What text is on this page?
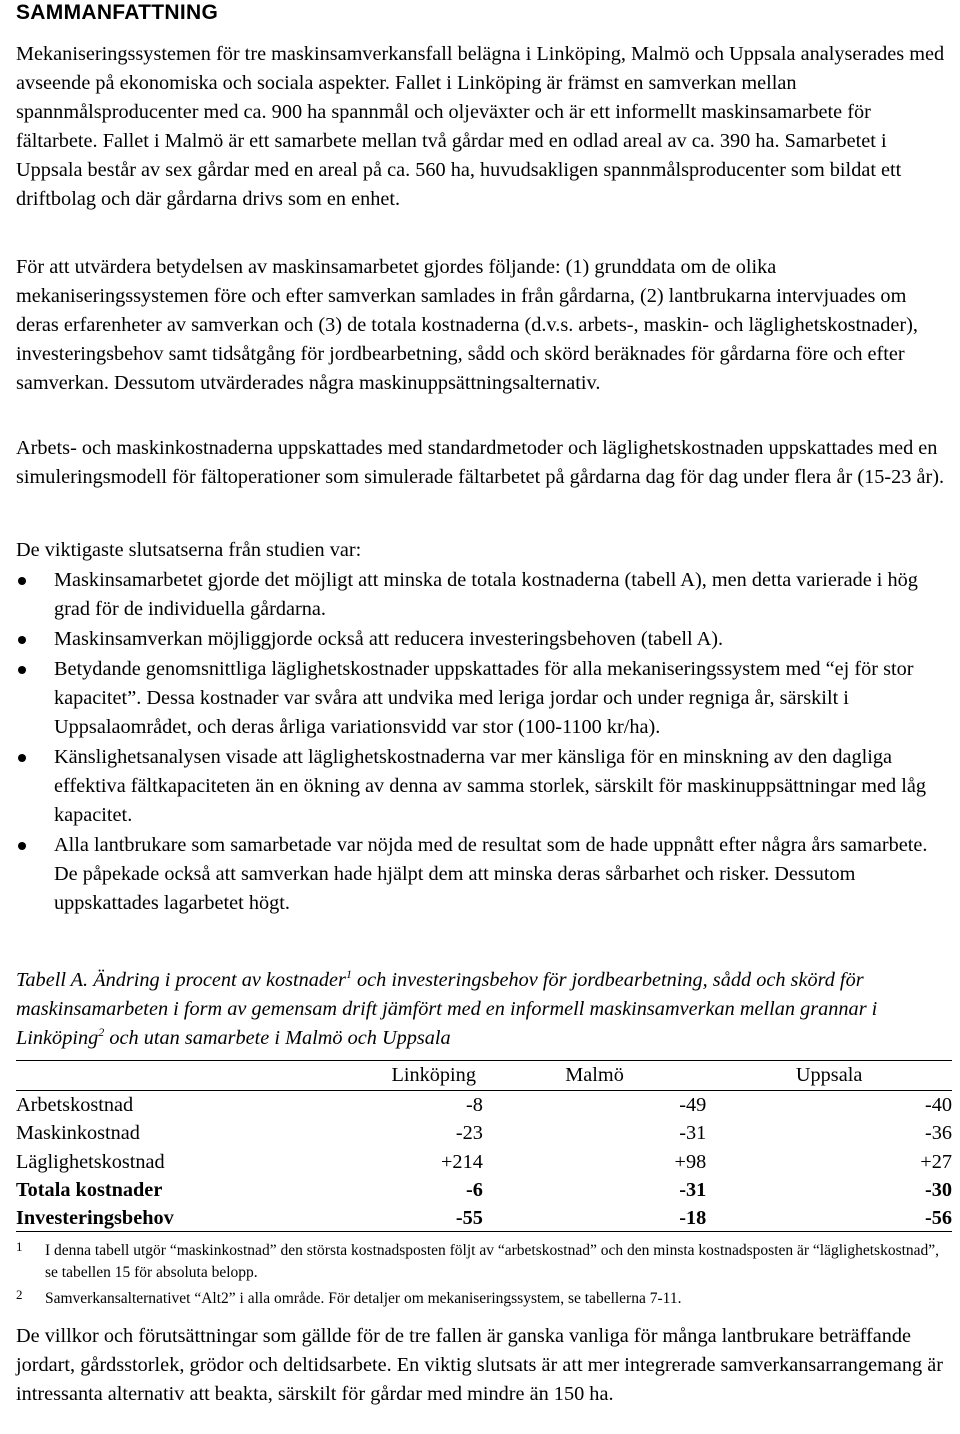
SAMMANFATTNING

Mekaniseringssystemen för tre maskinsamverkansfall belägna i Linköping, Malmö och Uppsala analyserades med avseende på ekonomiska och sociala aspekter. Fallet i Linköping är främst en samverkan mellan spannmålsproducenter med ca. 900 ha spannmål och oljeväxter och är ett informellt maskinsamarbete för fältarbete. Fallet i Malmö är ett samarbete mellan två gårdar med en odlad areal av ca. 390 ha. Samarbetet i Uppsala består av sex gårdar med en areal på ca. 560 ha, huvudsakligen spannmålsproducenter som bildat ett driftbolag och där gårdarna drivs som en enhet.

För att utvärdera betydelsen av maskinsamarbetet gjordes följande: (1) grunddata om de olika mekaniseringssystemen före och efter samverkan samlades in från gårdarna, (2) lantbrukarna intervjuades om deras erfarenheter av samverkan och (3) de totala kostnaderna (d.v.s. arbets-, maskin- och läglighetskostnader), investeringsbehov samt tidsåtgång för jordbearbetning, sådd och skörd beräknades för gårdarna före och efter samverkan. Dessutom utvärderades några maskinuppsättningsalternativ.

Arbets- och maskinkostnaderna uppskattades med standardmetoder och läglighetskostnaden uppskattades med en simuleringsmodell för fältoperationer som simulerade fältarbetet på gårdarna dag för dag under flera år (15-23 år).

De viktigaste slutsatserna från studien var:

Maskinsamarbetet gjorde det möjligt att minska de totala kostnaderna (tabell A), men detta varierade i hög grad för de individuella gårdarna.
Maskinsamverkan möjliggjorde också att reducera investeringsbehoven (tabell A).
Betydande genomsnittliga läglighetskostnader uppskattades för alla mekaniseringssystem med “ej för stor kapacitet”. Dessa kostnader var svåra att undvika med leriga jordar och under regniga år, särskilt i Uppsalaområdet, och deras årliga variationsvidd var stor (100-1100 kr/ha).
Känslighetsanalysen visade att läglighetskostnaderna var mer känsliga för en minskning av den dagliga effektiva fältkapaciteten än en ökning av denna av samma storlek, särskilt för maskinuppsättningar med låg kapacitet.
Alla lantbrukare som samarbetade var nöjda med de resultat som de hade uppnått efter några års samarbete. De påpekade också att samverkan hade hjälpt dem att minska deras sårbarhet och risker. Dessutom uppskattades lagarbetet högt.

Tabell A. Ändring i procent av kostnader$^1$ och investeringsbehov för jordbearbetning, sådd och skörd för maskinsamarbeten i form av gemensam drift jämfört med en informell maskinsamverkan mellan grannar i Linköping$^2$ och utan samarbete i Malmö och Uppsala

	Linköping	Malmö	Uppsala
Arbetskostnad	-8	-49	-40
Maskinkostnad	-23	-31	-36
Läglighetskostnad	+214	+98	+27
Totala kostnader	-6	-31	-30
Investeringsbehov	-55	-18	-56
1 I denna tabell utgör “maskinkostnad” den största kostnadsposten följt av “arbetskostnad” och den minsta kostnadsposten är “läglighetskostnad”, se tabellen 15 för absoluta belopp.
2 Samverkansalternativet “Alt2” i alla område. För detaljer om mekaniseringssystem, se tabellerna 7-11.

De villkor och förutsättningar som gällde för de tre fallen är ganska vanliga för många lantbrukare beträffande jordart, gårdsstorlek, grödor och deltidsarbete. En viktig slutsats är att mer integrerade samverkansarrangemang är intressanta alternativ att beakta, särskilt för gårdar med mindre än 150 ha.
